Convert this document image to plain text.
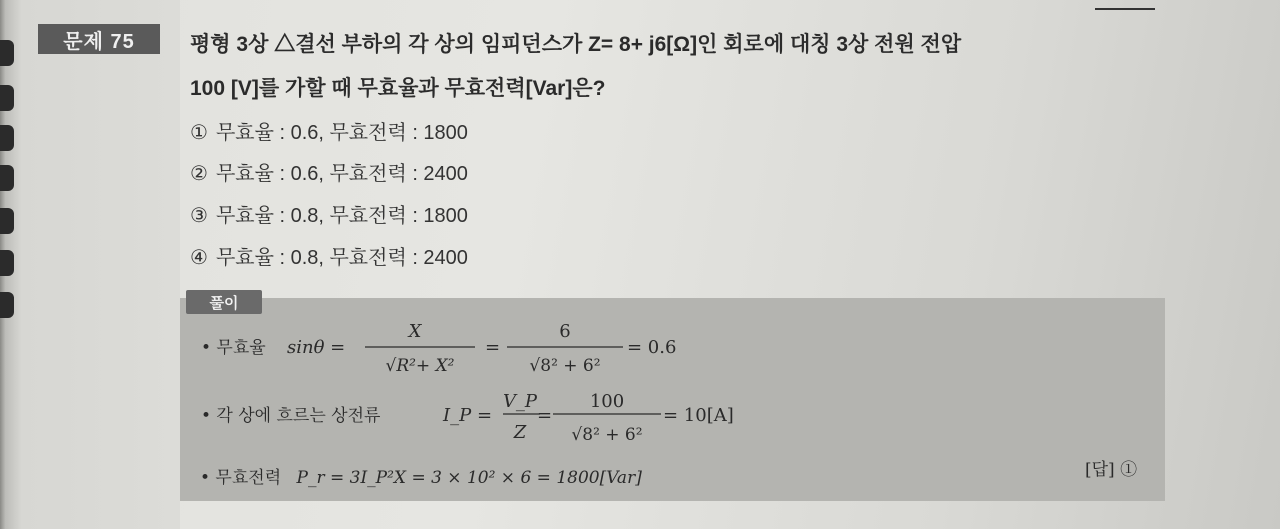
문제 75	평형 3상 △결선 부하의 각 상의 임피던스가 Z= 8+ j6[Ω]인 회로에 대칭 3상 전원 전압
100 [V]를 가할 때 무효율과 무효전력[Var]은?
① 무효율 : 0.6, 무효전력 : 1800
② 무효율 : 0.6, 무효전력 : 2400
③ 무효율 : 0.8, 무효전력 : 1800
④ 무효율 : 0.8, 무효전력 : 2400
풀이
• 무효율 sinθ =
X
√R²+ X²
=
6
√8² + 6²
= 0.6
• 각 상에 흐르는 상전류	I_P =
V_P
Z
=
100
√8² + 6²
= 10[A]
• 무효전력 P_r = 3I_P²X = 3 × 10² × 6 = 1800[Var]	[답] ①
